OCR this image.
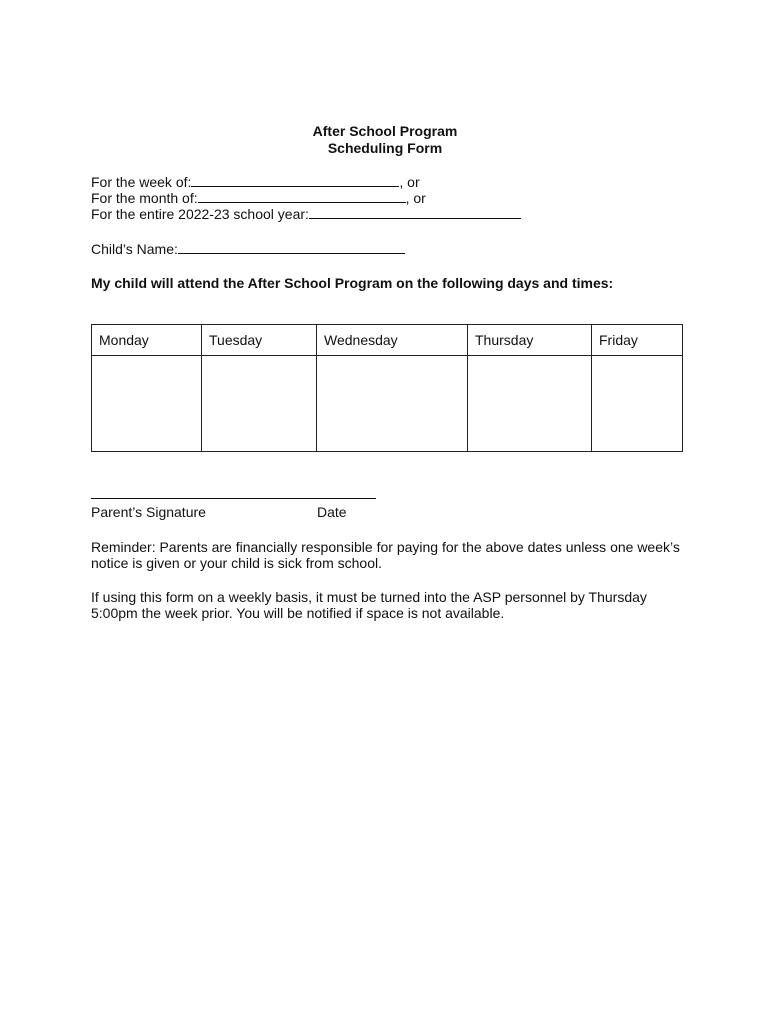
After School Program
Scheduling Form
For the week of:	, or
For the month of:	, or
For the entire 2022-23 school year:
Child’s Name:
My child will attend the After School Program on the following days and times:
Monday	Tuesday	Wednesday	Thursday	Friday

Parent’s Signature	Date
Reminder: Parents are financially responsible for paying for the above dates unless one week’s notice is given or your child is sick from school.
If using this form on a weekly basis, it must be turned into the ASP personnel by Thursday 5:00pm the week prior. You will be notified if space is not available.
